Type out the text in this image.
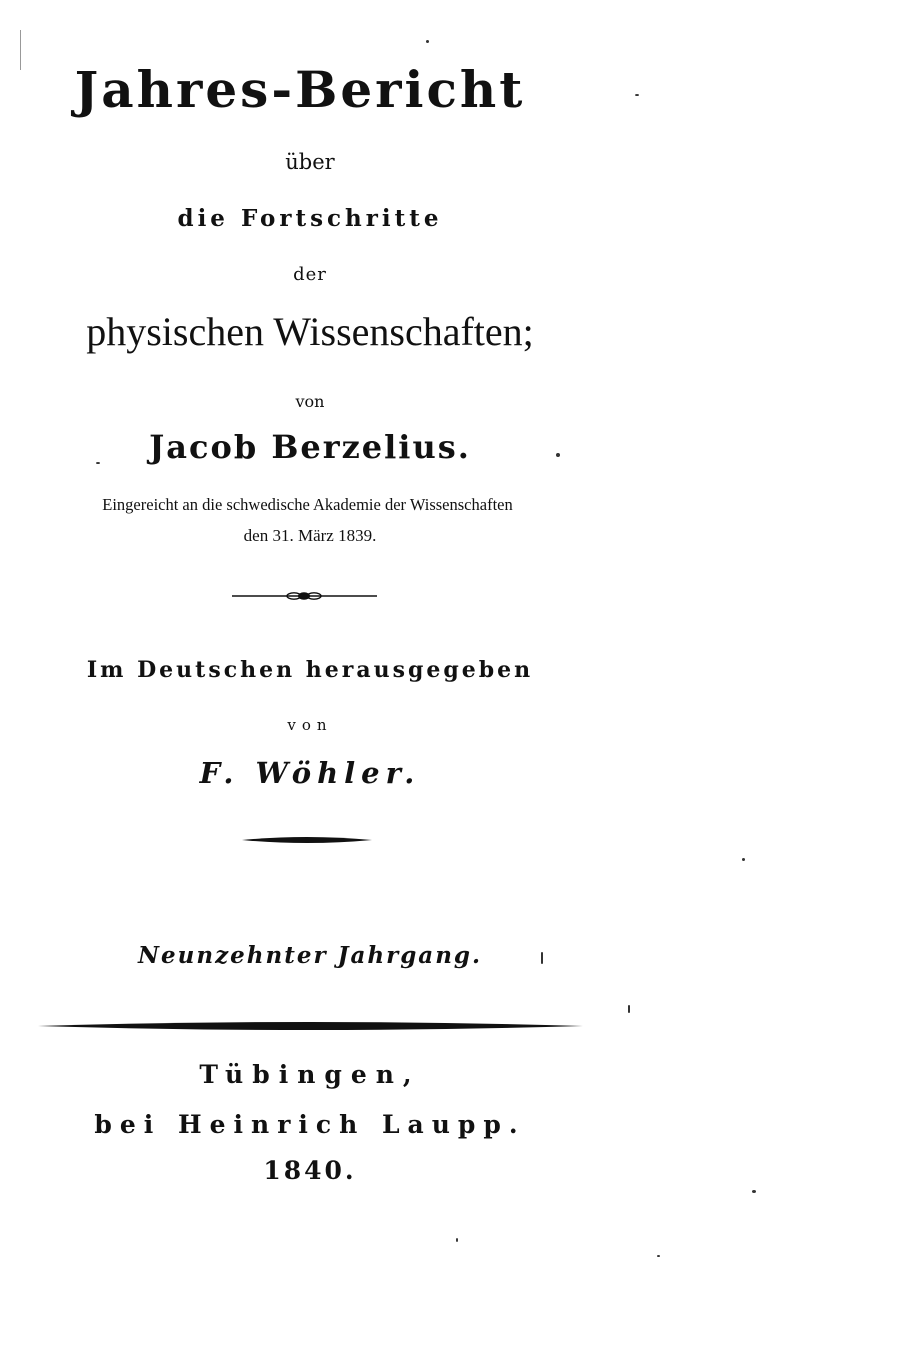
Jahres-Bericht
über
die Fortschritte
der
physischen Wissenschaften;
von
Jacob Berzelius.
Eingereicht an die schwedische Akademie der Wissenschaften
den 31. März 1839.
Im Deutschen herausgegeben
von
F. Wöhler.
Neunzehnter Jahrgang.
Tübingen,
bei Heinrich Laupp.
1840.
